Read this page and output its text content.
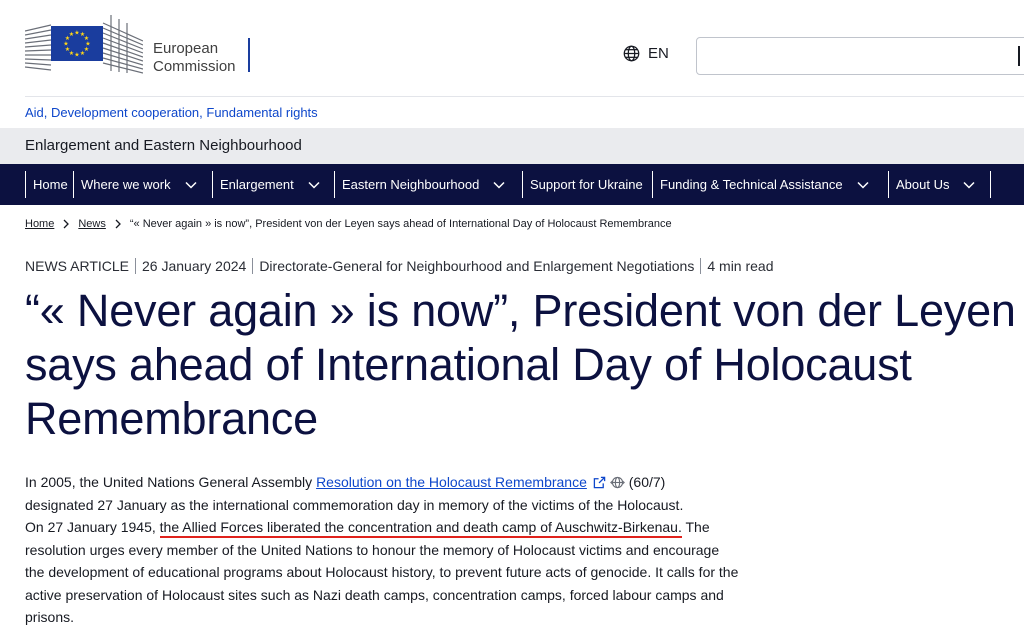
★ ★
★
★
★
★
★
★
★
★
★
★
European
Commission
EN
Aid, Development cooperation, Fundamental rights
Enlargement and Eastern Neighbourhood
Home Where we work	Enlargement	Eastern Neighbourhood	Support for Ukraine Funding & Technical Assistance	About Us
Home News “« Never again » is now”, President von der Leyen says ahead of International Day of Holocaust Remembrance
NEWS ARTICLE 26 January 2024 Directorate-General for Neighbourhood and Enlargement Negotiations 4 min read
“« Never again » is now”, President von der Leyen says ahead of International Day of Holocaust Remembrance

In 2005, the United Nations General Assembly Resolution on the Holocaust Remembrance	(60/7)
designated 27 January as the international commemoration day in memory of the victims of the Holocaust.
On 27 January 1945, the Allied Forces liberated the concentration and death camp of Auschwitz-Birkenau. The resolution urges every member of the United Nations to honour the memory of Holocaust victims and encourage the development of educational programs about Holocaust history, to prevent future acts of genocide. It calls for the active preservation of Holocaust sites such as Nazi death camps, concentration camps, forced labour camps and prisons.
